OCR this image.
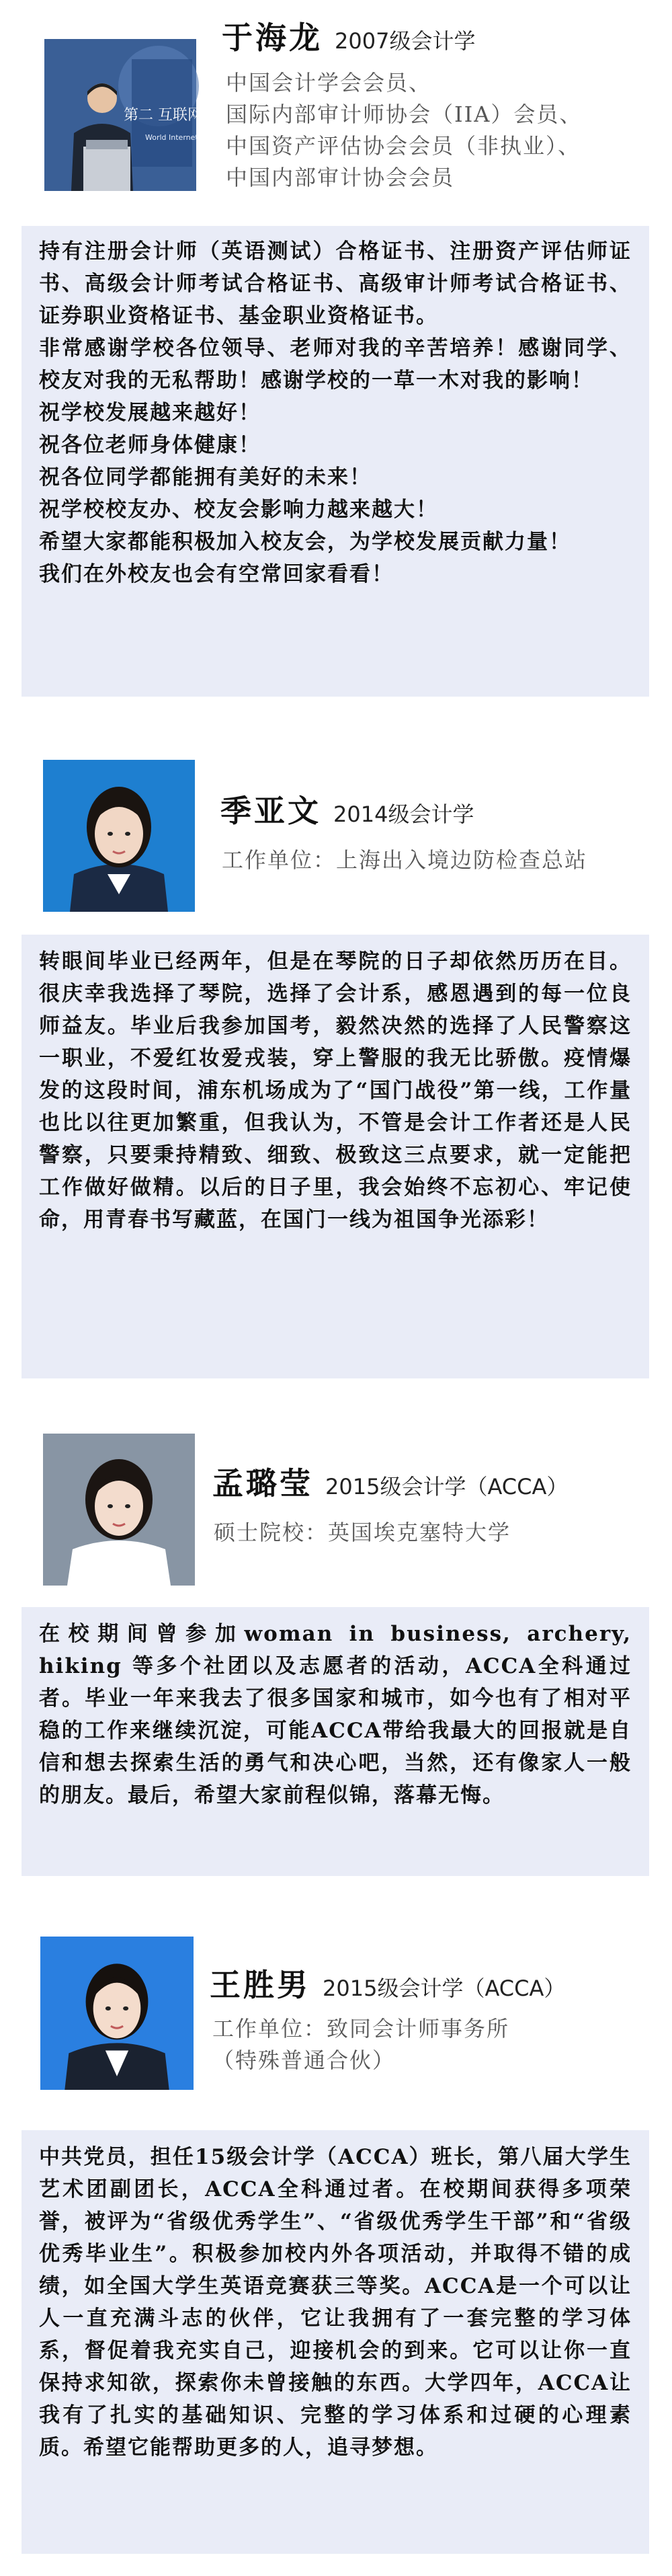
第二 互联网之
World Internet
于海龙 2007级会计学
中国会计学会会员、
国际内部审计师协会（IIA）会员、
中国资产评估协会会员（非执业）、
中国内部审计协会会员

持有注册会计师（英语测试）合格证书、注册资产评估师证书、高级会计师考试合格证书、高级审计师考试合格证书、证券职业资格证书、基金职业资格证书。

非常感谢学校各位领导、老师对我的辛苦培养！感谢同学、校友对我的无私帮助！感谢学校的一草一木对我的影响！

祝学校发展越来越好！

祝各位老师身体健康！

祝各位同学都能拥有美好的未来！

祝学校校友办、校友会影响力越来越大！

希望大家都能积极加入校友会，为学校发展贡献力量！

我们在外校友也会有空常回家看看！

季亚文 2014级会计学
工作单位：上海出入境边防检查总站

转眼间毕业已经两年，但是在琴院的日子却依然历历在目。很庆幸我选择了琴院，选择了会计系，感恩遇到的每一位良师益友。毕业后我参加国考，毅然决然的选择了人民警察这一职业，不爱红妆爱戎装，穿上警服的我无比骄傲。疫情爆发的这段时间，浦东机场成为了“国门战役”第一线，工作量也比以往更加繁重，但我认为，不管是会计工作者还是人民警察，只要秉持精致、细致、极致这三点要求，就一定能把工作做好做精。以后的日子里，我会始终不忘初心、牢记使命，用青春书写藏蓝，在国门一线为祖国争光添彩！

孟璐莹 2015级会计学（ACCA）
硕士院校：英国埃克塞特大学

在校期间曾参加woman in business, archery, hiking 等多个社团以及志愿者的活动，ACCA全科通过者。毕业一年来我去了很多国家和城市，如今也有了相对平稳的工作来继续沉淀，可能ACCA带给我最大的回报就是自信和想去探索生活的勇气和决心吧，当然，还有像家人一般的朋友。最后，希望大家前程似锦，落幕无悔。

王胜男 2015级会计学（ACCA）
工作单位：致同会计师事务所
（特殊普通合伙）

中共党员，担任15级会计学（ACCA）班长，第八届大学生艺术团副团长，ACCA全科通过者。在校期间获得多项荣誉，被评为“省级优秀学生”、“省级优秀学生干部”和“省级优秀毕业生”。积极参加校内外各项活动，并取得不错的成绩，如全国大学生英语竞赛获三等奖。ACCA是一个可以让人一直充满斗志的伙伴，它让我拥有了一套完整的学习体系，督促着我充实自己，迎接机会的到来。它可以让你一直保持求知欲，探索你未曾接触的东西。大学四年，ACCA让我有了扎实的基础知识、完整的学习体系和过硬的心理素质。希望它能帮助更多的人，追寻梦想。
